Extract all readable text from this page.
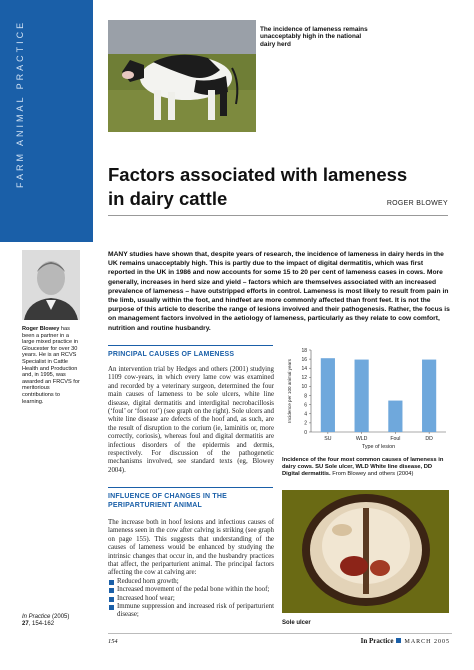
FARM ANIMAL PRACTICE	The incidence of lameness remains unacceptably high in the national dairy herd
Factors associated with lameness
in dairy cattle	ROGER BLOWEY
Roger Blowey has been a partner in a large mixed practice in Gloucester for over 30 years. He is an RCVS Specialist in Cattle Health and Production and, in 1995, was awarded an FRCVS for meritorious contributions to learning.
MANY studies have shown that, despite years of research, the incidence of lameness in dairy herds in the UK remains unacceptably high. This is partly due to the impact of digital dermatitis, which was first reported in the UK in 1986 and now accounts for some 15 to 20 per cent of lameness cases in cows. More generally, increases in herd size and yield – factors which are themselves associated with an increased prevalence of lameness – have outstripped efforts in control. Lameness is most likely to result from pain in the limb, usually within the foot, and hindfeet are more commonly affected than front feet. It is not the purpose of this article to describe the range of lesions involved and their pathogenesis. Rather, the focus is on management factors involved in the aetiology of lameness, particularly as they relate to cow comfort, nutrition and routine husbandry.
PRINCIPAL CAUSES OF LAMENESS
An intervention trial by Hedges and others (2001) studying 1109 cow-years, in which every lame cow was examined and recorded by a veterinary surgeon, determined the four main causes of lameness to be sole ulcers, white line disease, digital dermatitis and interdigital necrobacillosis (‘foul’ or ‘foot rot’) (see graph on the right). Sole ulcers and white line disease are defects of the hoof and, as such, are the result of disruption to the corium (ie, laminitis or, more correctly, coriosis), whereas foul and digital dermatitis are infectious disorders of the epidermis and dermis, respectively. For discussion of the pathogenetic mechanisms involved, see standard texts (eg, Blowey 2004).
INFLUENCE OF CHANGES IN THE PERIPARTURIENT ANIMAL
The increase both in hoof lesions and infectious causes of lameness seen in the cow after calving is striking (see graph on page 155). This suggests that understanding of the causes of lameness would be enhanced by studying the intrinsic changes that occur in, and the husbandry practices that affect, the periparturient animal. The principal factors affecting the cow at calving are:
Reduced horn growth;
Increased movement of the pedal bone within the hoof;
Increased hoof wear;
Immune suppression and increased risk of periparturient disease;
0
2
4
6
8
10
12
14
16
18
SU	WLD	Foul	DD
Type of lesion
Incidence per 100 animal years
Incidence of the four most common causes of lameness in dairy cows. SU Sole ulcer, WLD White line disease, DD Digital dermatitis. From Blowey and others (2004)
Sole ulcer
In Practice (2005)
27, 154-162
154	In Practice MARCH 2005
